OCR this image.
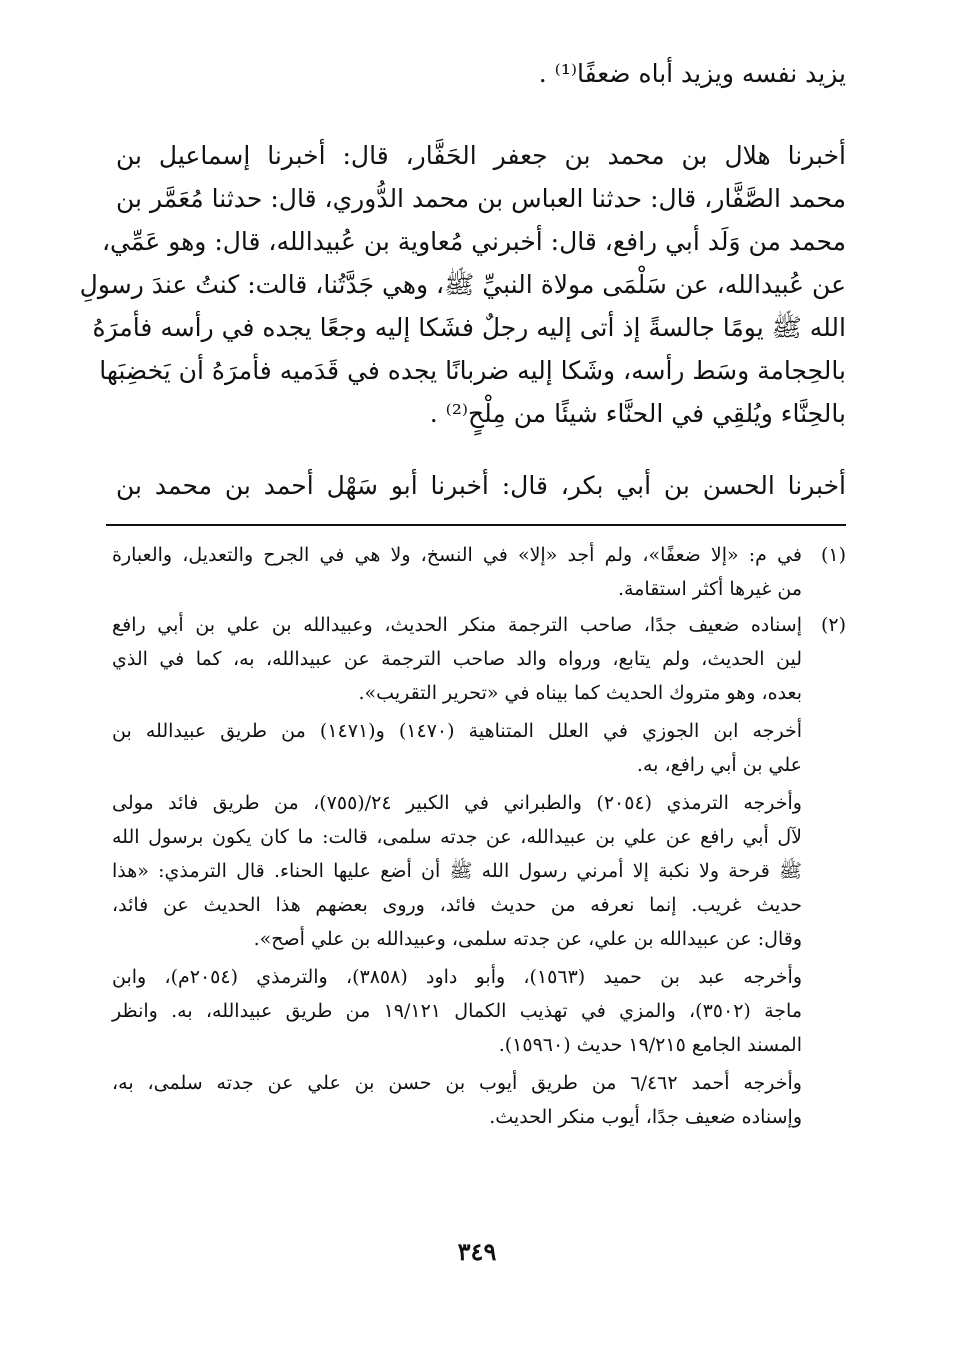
يزيد نفسه ويزيد أباه ضعفًا⁽¹⁾ .
أخبرنا هلال بن محمد بن جعفر الحَفَّار، قال: أخبرنا إسماعيل بن
محمد الصَّفَّار، قال: حدثنا العباس بن محمد الدُّوري، قال: حدثنا مُعَمَّر بن
محمد من وَلَد أبي رافع، قال: أخبرني مُعاوية بن عُبيدالله، قال: وهو عَمِّي،
عن عُبيدالله، عن سَلْمَى مولاة النبيِّ ﷺ، وهي جَدَّتُنا، قالت: كنتُ عندَ رسولِ
الله ﷺ يومًا جالسةً إذ أتى إليه رجلٌ فشَكا إليه وجعًا يجده في رأسه فأمرَهُ
بالحِجامة وسَط رأسه، وشَكا إليه ضربانًا يجده في قَدَميه فأمرَهُ أن يَخضِبَها
بالحِنَّاء ويُلقِي في الحنَّاء شيئًا من مِلْحٍ⁽²⁾ .
أخبرنا الحسن بن أبي بكر، قال: أخبرنا أبو سَهْل أحمد بن محمد بن
(١)
في م: «إلا ضعفًا»، ولم أجد «إلا» في النسخ، ولا هي في الجرح والتعديل، والعبارة
من غيرها أكثر استقامة.
(٢)
إسناده ضعيف جدًا، صاحب الترجمة منكر الحديث، وعبيدالله بن علي بن أبي رافع
لين الحديث، ولم يتابع، ورواه والد صاحب الترجمة عن عبيدالله، به، كما في الذي
بعده، وهو متروك الحديث كما بيناه في «تحرير التقريب».
أخرجه ابن الجوزي في العلل المتناهية (١٤٧٠) و(١٤٧١) من طريق عبيدالله بن
علي بن أبي رافع، به.
وأخرجه الترمذي (٢٠٥٤) والطبراني في الكبير ٢٤/(٧٥٥)، من طريق فائد مولى
لآل أبي رافع عن علي بن عبيدالله، عن جدته سلمى، قالت: ما كان يكون برسول الله
ﷺ قرحة ولا نكبة إلا أمرني رسول الله ﷺ أن أضع عليها الحناء. قال الترمذي: «هذا
حديث غريب. إنما نعرفه من حديث فائد، وروى بعضهم هذا الحديث عن فائد،
وقال: عن عبيدالله بن علي، عن جدته سلمى، وعبيدالله بن علي أصح».
وأخرجه عبد بن حميد (١٥٦٣)، وأبو داود (٣٨٥٨)، والترمذي (٢٠٥٤م)، وابن
ماجة (٣٥٠٢)، والمزي في تهذيب الكمال ١٩/١٢١ من طريق عبيدالله، به. وانظر
المسند الجامع ١٩/٢١٥ حديث (١٥٩٦٠).
وأخرجه أحمد ٦/٤٦٢ من طريق أيوب بن حسن بن علي عن جدته سلمى، به،
وإسناده ضعيف جدًا، أيوب منكر الحديث.
٣٤٩
